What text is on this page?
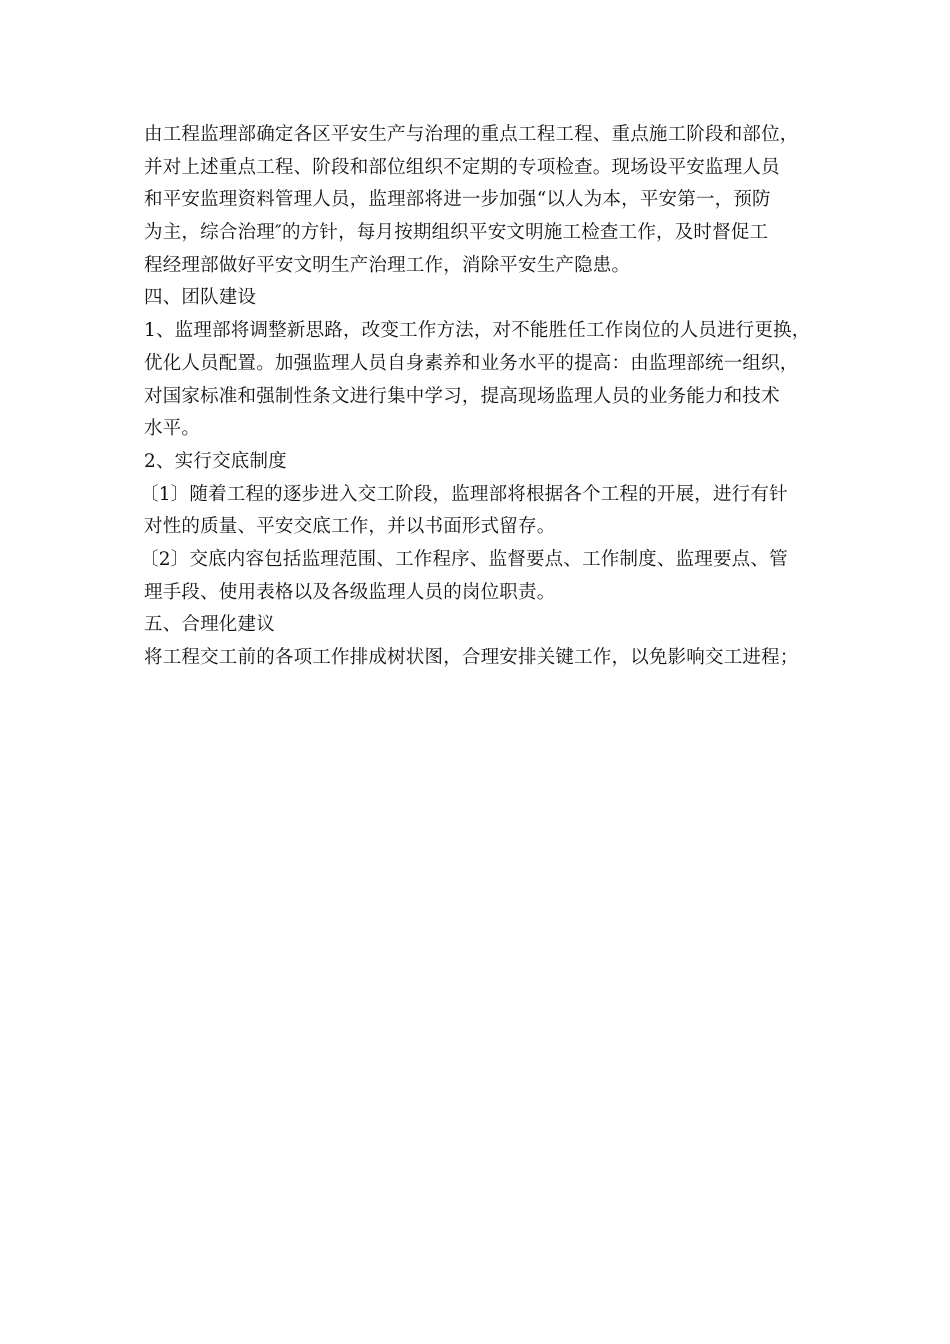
由工程监理部确定各区平安生产与治理的重点工程工程、重点施工阶段和部位，
并对上述重点工程、阶段和部位组织不定期的专项检查。现场设平安监理人员
和平安监理资料管理人员，监理部将进一步加强“以人为本，平安第一，预防
为主，综合治理″的方针，每月按期组织平安文明施工检查工作，及时督促工
程经理部做好平安文明生产治理工作，消除平安生产隐患。
四、团队建设
1、监理部将调整新思路，改变工作方法，对不能胜任工作岗位的人员进行更换，
优化人员配置。加强监理人员自身素养和业务水平的提高：由监理部统一组织，
对国家标准和强制性条文进行集中学习，提高现场监理人员的业务能力和技术
水平。
2、实行交底制度
〔1〕随着工程的逐步进入交工阶段，监理部将根据各个工程的开展，进行有针
对性的质量、平安交底工作，并以书面形式留存。
〔2〕交底内容包括监理范围、工作程序、监督要点、工作制度、监理要点、管
理手段、使用表格以及各级监理人员的岗位职责。
五、合理化建议
将工程交工前的各项工作排成树状图，合理安排关键工作，以免影响交工进程；
